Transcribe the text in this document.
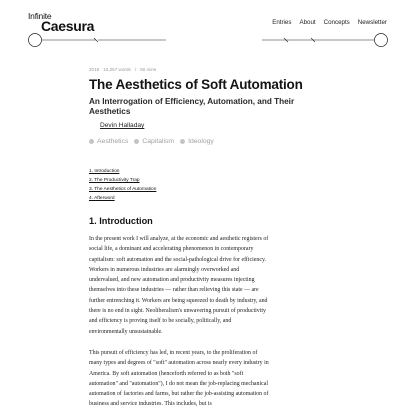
Infinite
Caesura	Entries About Concepts Newsletter
2018 10,257 words / 56 mins
The Aesthetics of Soft Automation
An Interrogation of Efficiency, Automation, and Their Aesthetics
Devin Halladay
Aesthetics Capitalism Ideology
1. Introduction
2. The Productivity Trap
3. The Aesthetics of Automation
4. Afterword
1. Introduction

In the present work I will analyze, at the economic and aesthetic registers of social life, a dominant and accelerating phenomenon in contemporary capitalism: soft automation and the social-pathological drive for efficiency. Workers in numerous industries are alarmingly overworked and undervalued, and new automation and productivity measures injecting themselves into these industries — rather than relieving this state — are further entrenching it. Workers are being squeezed to death by industry, and there is no end in sight. Neoliberalism's unwavering pursuit of productivity and efficiency is proving itself to be socially, politically, and environmentally unsustainable.

This pursuit of efficiency has led, in recent years, to the proliferation of many types and degrees of "soft" automation across nearly every industry in America. By soft automation (henceforth referred to as both "soft automation" and "automation"), I do not mean the job-replacing mechanical automation of factories and farms, but rather the job-assisting automation of business and service industries. This includes, but is
